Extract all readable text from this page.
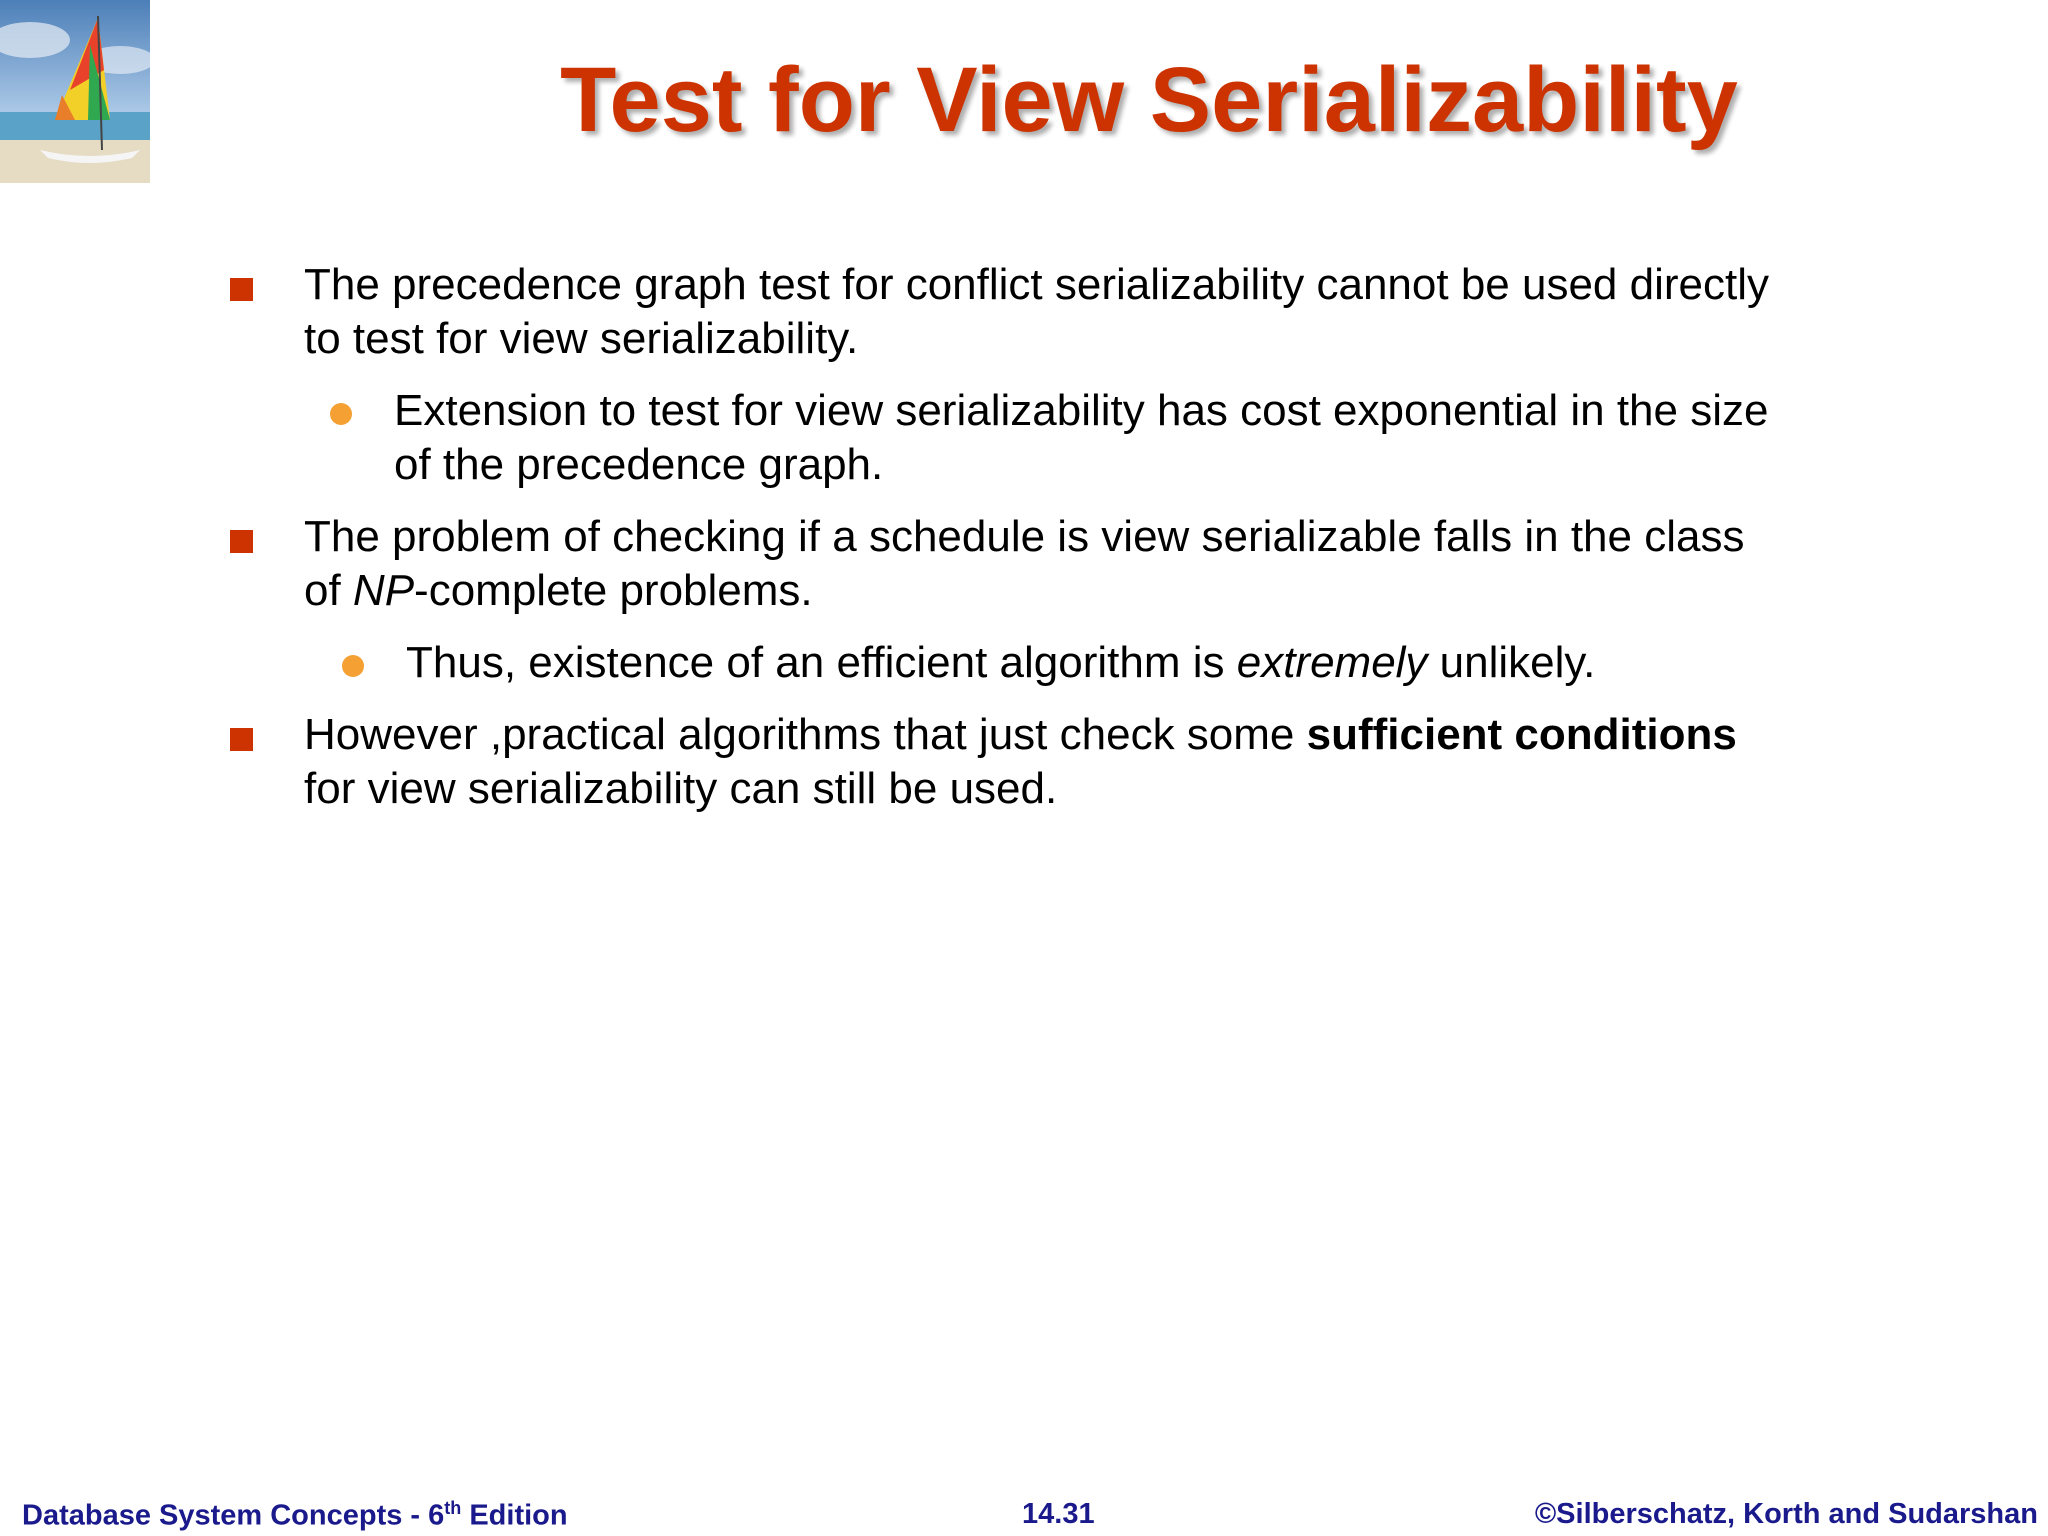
Test for View Serializability
The precedence graph test for conflict serializability cannot be used directly to test for view serializability.
Extension to test for view serializability has cost exponential in the size of the precedence graph.
The problem of checking if a schedule is view serializable falls in the class of NP-complete problems.
Thus, existence of an efficient algorithm is extremely unlikely.
However ,practical algorithms that just check some sufficient conditions for view serializability can still be used.
Database System Concepts - 6th Edition	14.31	©Silberschatz, Korth and Sudarshan
